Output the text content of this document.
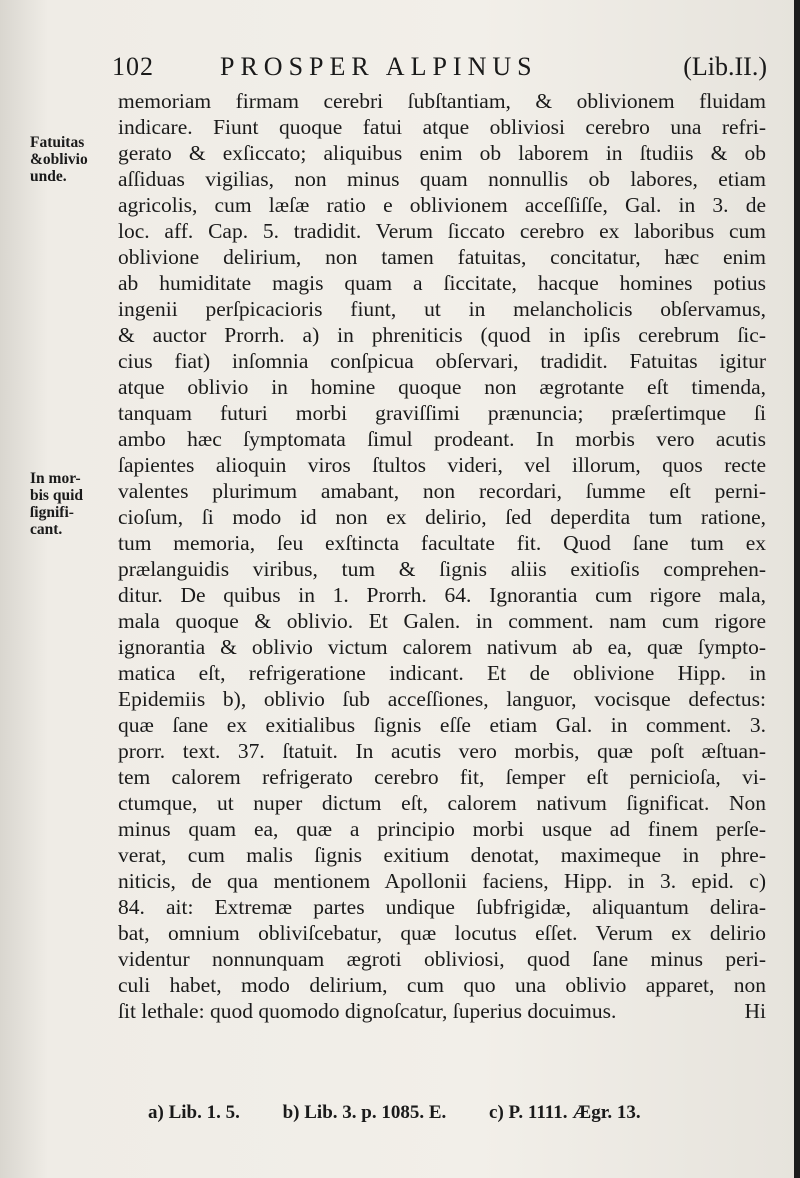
102	PROSPER ALPINUS	(Lib.II.)
Fatuitas
&oblivio
unde.
In mor-
bis quid
ſignifi-
cant.

memoriam firmam cerebri ſubſtantiam, & oblivionem fluidam
indicare. Fiunt quoque fatui atque obliviosi cerebro una refri-
gerato & exſiccato; aliquibus enim ob laborem in ſtudiis & ob
aſſiduas vigilias, non minus quam nonnullis ob labores, etiam
agricolis, cum læſæ ratio e oblivionem acceſſiſſe, Gal. in 3. de
loc. aff. Cap. 5. tradidit. Verum ſiccato cerebro ex laboribus cum
oblivione delirium, non tamen fatuitas, concitatur, hæc enim
ab humiditate magis quam a ſiccitate, hacque homines potius
ingenii perſpicacioris fiunt, ut in melancholicis obſervamus,
& auctor Prorrh. a) in phreniticis (quod in ipſis cerebrum ſic-
cius fiat) inſomnia conſpicua obſervari, tradidit. Fatuitas igitur
atque oblivio in homine quoque non ægrotante eſt timenda,
tanquam futuri morbi graviſſimi prænuncia; præſertimque ſi
ambo hæc ſymptomata ſimul prodeant. In morbis vero acutis
ſapientes alioquin viros ſtultos videri, vel illorum, quos recte
valentes plurimum amabant, non recordari, ſumme eſt perni-
cioſum, ſi modo id non ex delirio, ſed deperdita tum ratione,
tum memoria, ſeu exſtincta facultate fit. Quod ſane tum ex
prælanguidis viribus, tum & ſignis aliis exitioſis comprehen-
ditur. De quibus in 1. Prorrh. 64. Ignorantia cum rigore mala,
mala quoque & oblivio. Et Galen. in comment. nam cum rigore
ignorantia & oblivio victum calorem nativum ab ea, quæ ſympto-
matica eſt, refrigeratione indicant. Et de oblivione Hipp. in
Epidemiis b), oblivio ſub acceſſiones, languor, vocisque defectus:
quæ ſane ex exitialibus ſignis eſſe etiam Gal. in comment. 3.
prorr. text. 37. ſtatuit. In acutis vero morbis, quæ poſt æſtuan-
tem calorem refrigerato cerebro fit, ſemper eſt pernicioſa, vi-
ctumque, ut nuper dictum eſt, calorem nativum ſignificat. Non
minus quam ea, quæ a principio morbi usque ad finem perſe-
verat, cum malis ſignis exitium denotat, maximeque in phre-
niticis, de qua mentionem Apollonii faciens, Hipp. in 3. epid. c)
84. ait: Extremæ partes undique ſubfrigidæ, aliquantum delira-
bat, omnium obliviſcebatur, quæ locutus eſſet. Verum ex delirio
videntur nonnunquam ægroti obliviosi, quod ſane minus peri-
culi habet, modo delirium, cum quo una oblivio apparet, non
ſit lethale: quod quomodo dignoſcatur, ſuperius docuimus.	Hi
a) Lib. 1. 5. b) Lib. 3. p. 1085. E. c) P. 1111. Ægr. 13.
